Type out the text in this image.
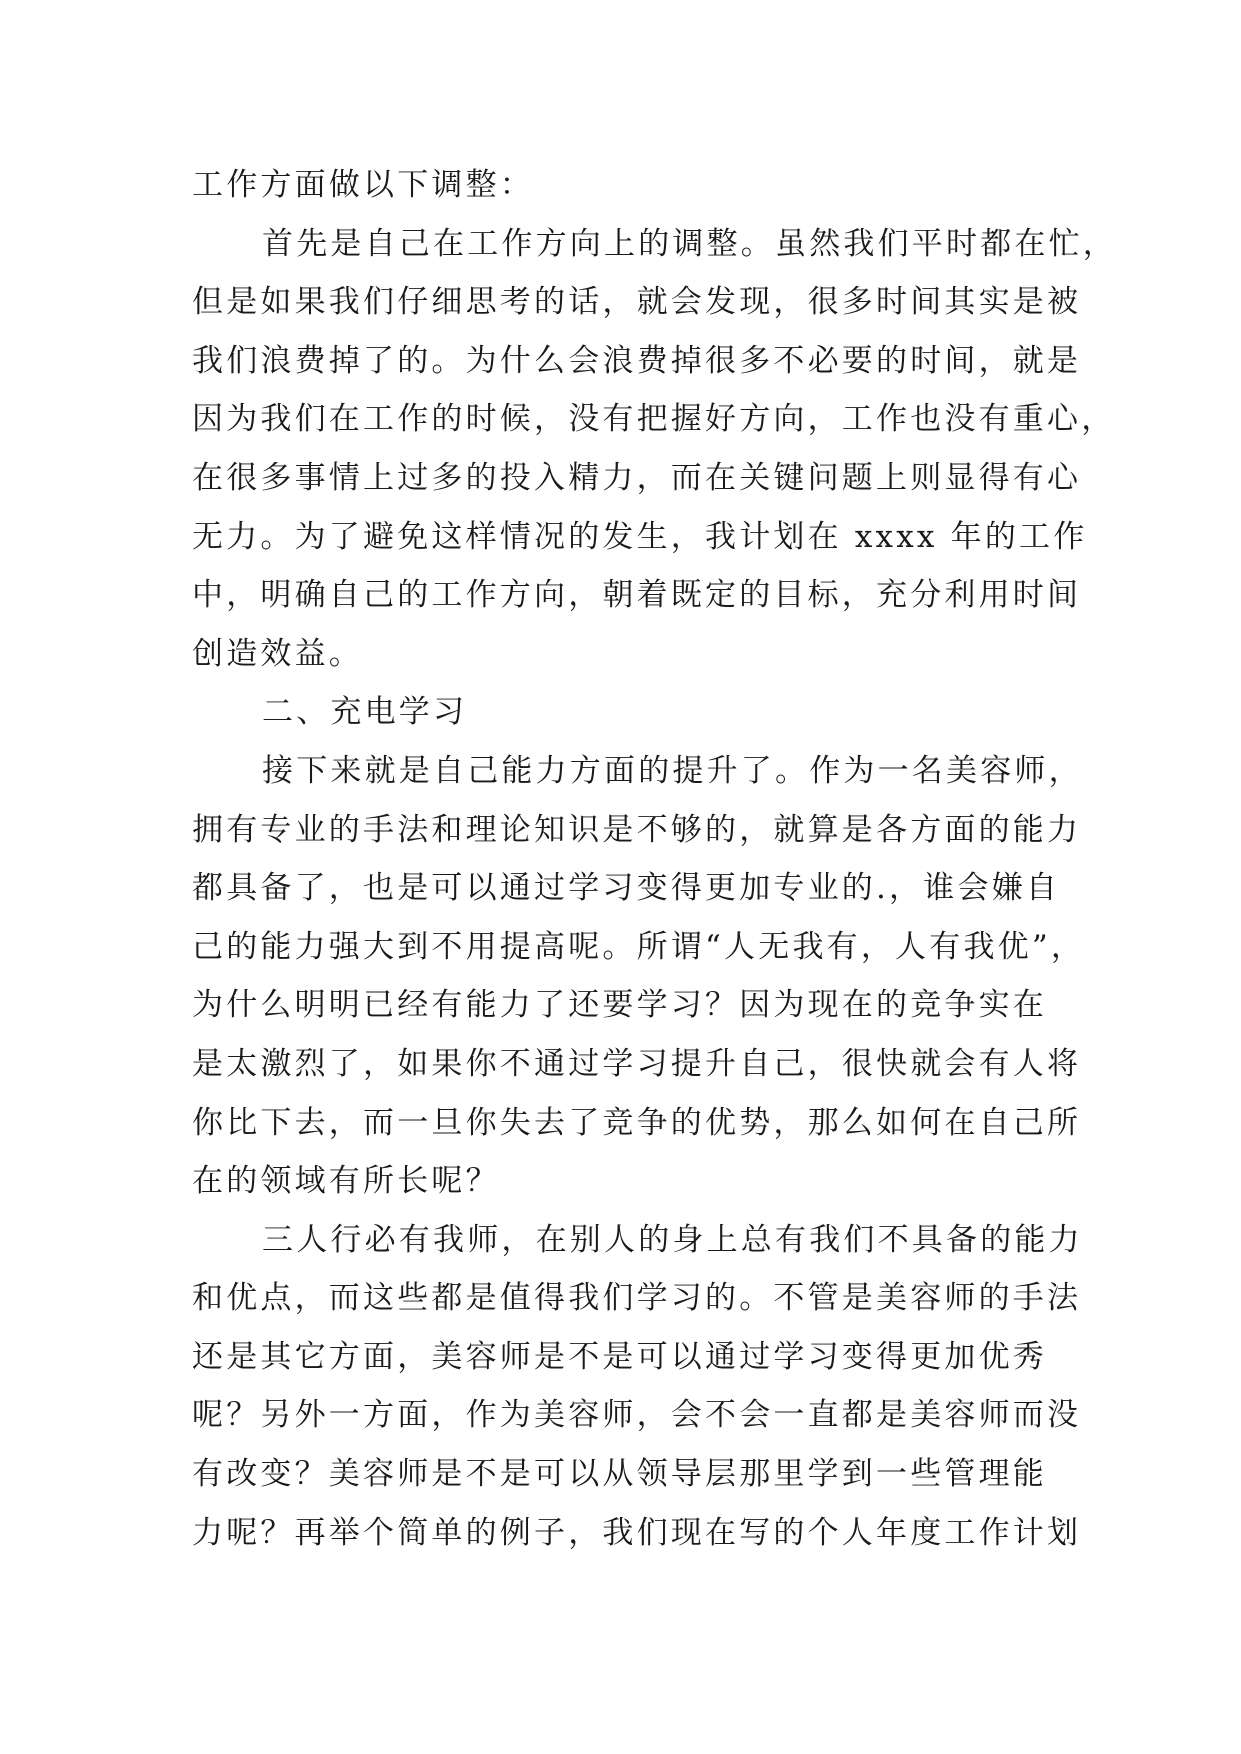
工作方面做以下调整：
首先是自己在工作方向上的调整。虽然我们平时都在忙，
但是如果我们仔细思考的话，就会发现，很多时间其实是被
我们浪费掉了的。为什么会浪费掉很多不必要的时间，就是
因为我们在工作的时候，没有把握好方向，工作也没有重心，
在很多事情上过多的投入精力，而在关键问题上则显得有心
无力。为了避免这样情况的发生，我计划在 xxxx 年的工作
中，明确自己的工作方向，朝着既定的目标，充分利用时间
创造效益。
二、充电学习
接下来就是自己能力方面的提升了。作为一名美容师，
拥有专业的手法和理论知识是不够的，就算是各方面的能力
都具备了，也是可以通过学习变得更加专业的.，谁会嫌自
己的能力强大到不用提高呢。所谓“人无我有，人有我优”，
为什么明明已经有能力了还要学习？因为现在的竞争实在
是太激烈了，如果你不通过学习提升自己，很快就会有人将
你比下去，而一旦你失去了竞争的优势，那么如何在自己所
在的领域有所长呢？
三人行必有我师，在别人的身上总有我们不具备的能力
和优点，而这些都是值得我们学习的。不管是美容师的手法
还是其它方面，美容师是不是可以通过学习变得更加优秀
呢？另外一方面，作为美容师，会不会一直都是美容师而没
有改变？美容师是不是可以从领导层那里学到一些管理能
力呢？再举个简单的例子，我们现在写的个人年度工作计划
